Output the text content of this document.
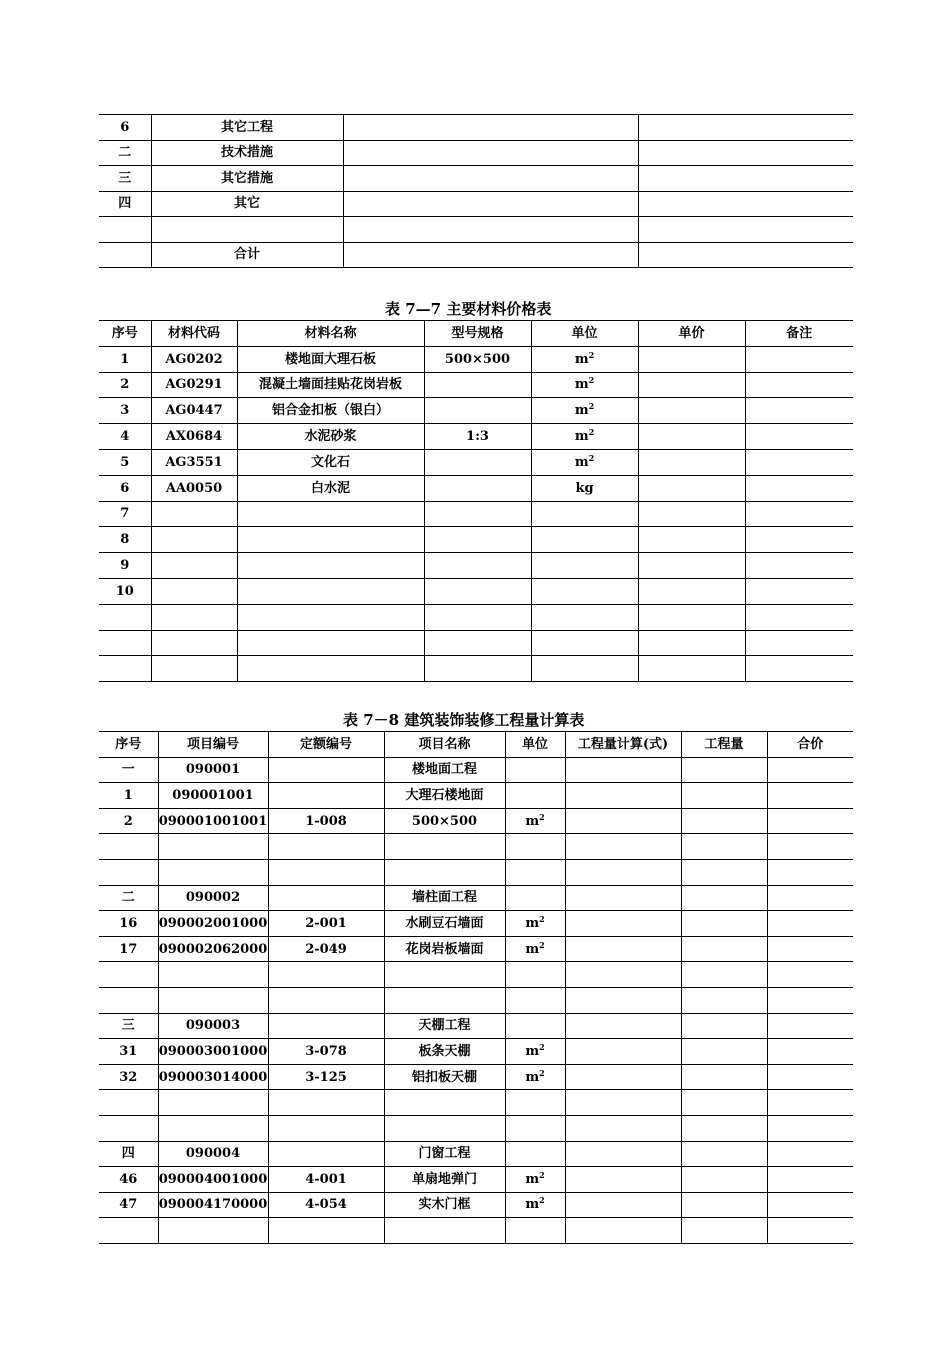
6	其它工程		
二	技术措施		
三	其它措施		
四	其它		

	合计		
表 7—7 主要材料价格表
序号	材料代码	材料名称	型号规格	单位	单价	备注
1	AG0202	楼地面大理石板	500×500	$m^2$		
2	AG0291	混凝土墙面挂贴花岗岩板		$m^2$		
3	AG0447	铝合金扣板（银白）		$m^2$		
4	AX0684	水泥砂浆	1:3	$m^2$		
5	AG3551	文化石		$m^2$		
6	AA0050	白水泥		kg		
7						
8						
9						
10						

表 7－8 建筑装饰装修工程量计算表
序号	项目编号	定额编号	项目名称	单位	工程量计算(式)	工程量	合价
一	090001		楼地面工程				
1	090001001		大理石楼地面				
2	090001001001	1-008	500×500	$m^2$			

二	090002		墙柱面工程				
16	090002001000	2-001	水刷豆石墙面	$m^2$			
17	090002062000	2-049	花岗岩板墙面	$m^2$			

三	090003		天棚工程				
31	090003001000	3-078	板条天棚	$m^2$			
32	090003014000	3-125	铝扣板天棚	$m^2$			

四	090004		门窗工程				
46	090004001000	4-001	单扇地弹门	$m^2$			
47	090004170000	4-054	实木门框	$m^2$			
